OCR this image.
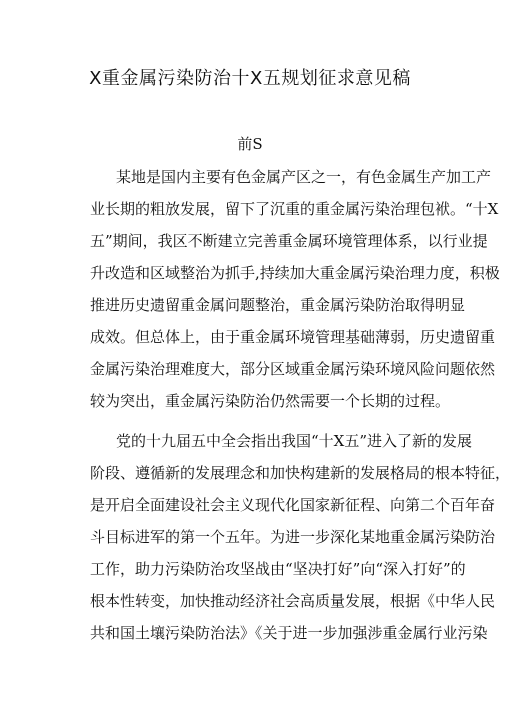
X重金属污染防治十X五规划征求意见稿
前S
某地是国内主要有色金属产区之一，有色金属生产加工产
业长期的粗放发展，留下了沉重的重金属污染治理包袱。“十X
五”期间，我区不断建立完善重金属环境管理体系，以行业提
升改造和区域整治为抓手,持续加大重金属污染治理力度，积极
推进历史遗留重金属问题整治，重金属污染防治取得明显
成效。但总体上，由于重金属环境管理基础薄弱，历史遗留重
金属污染治理难度大，部分区域重金属污染环境风险问题依然
较为突出，重金属污染防治仍然需要一个长期的过程。
党的十九届五中全会指出我国“十X五”进入了新的发展
阶段、遵循新的发展理念和加快构建新的发展格局的根本特征，
是开启全面建设社会主义现代化国家新征程、向第二个百年奋
斗目标进军的第一个五年。为进一步深化某地重金属污染防治
工作，助力污染防治攻坚战由“坚决打好”向“深入打好”的
根本性转变，加快推动经济社会高质量发展，根据《中华人民
共和国土壤污染防治法》《关于进一步加强涉重金属行业污染
